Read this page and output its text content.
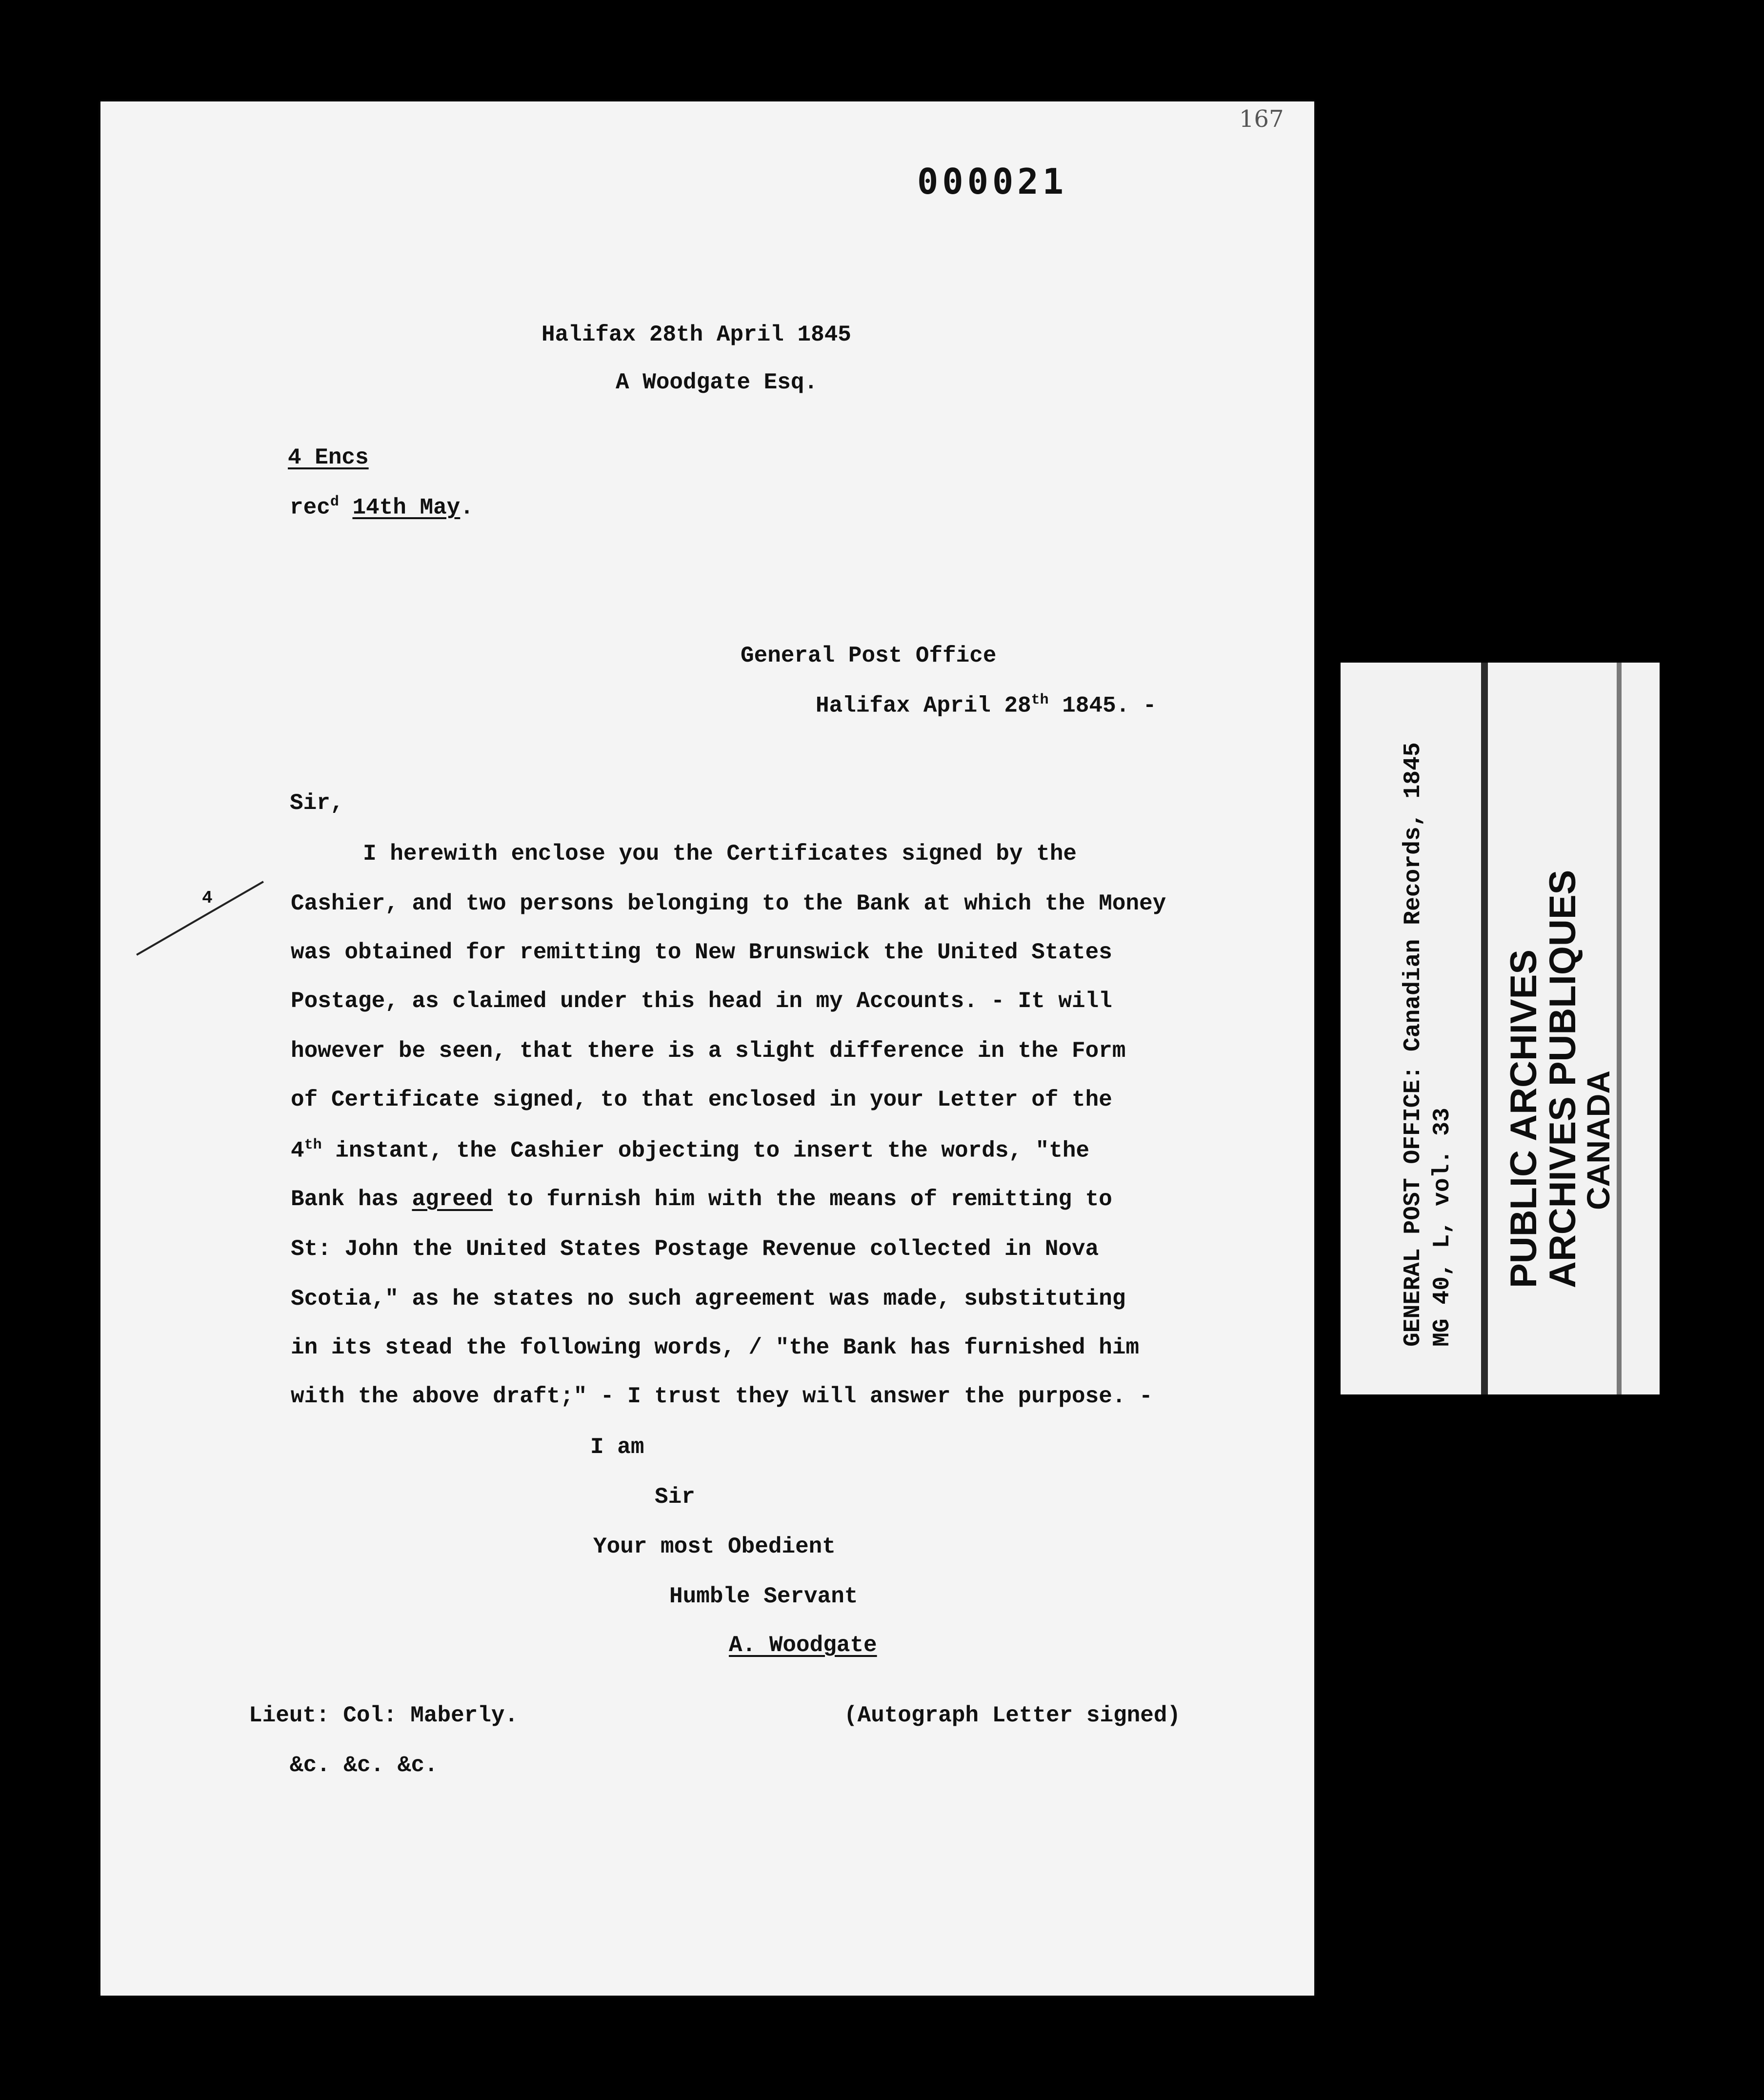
167
000021
Halifax 28th April 1845
A Woodgate Esq.
4 Encs
rec$^d$ 14th May.
General Post Office
Halifax April 28th 1845. -
Sir,
4
I herewith enclose you the Certificates signed by the
Cashier, and two persons belonging to the Bank at which the Money
was obtained for remitting to New Brunswick the United States
Postage, as claimed under this head in my Accounts. - It will
however be seen, that there is a slight difference in the Form
of Certificate signed, to that enclosed in your Letter of the
4th instant, the Cashier objecting to insert the words, "the
Bank has agreed to furnish him with the means of remitting to
St: John the United States Postage Revenue collected in Nova
Scotia," as he states no such agreement was made, substituting
in its stead the following words, / "the Bank has furnished him
with the above draft;" - I trust they will answer the purpose. -
I am
Sir
Your most Obedient
Humble Servant
A. Woodgate
Lieut: Col: Maberly.
&c. &c. &c.
(Autograph Letter signed)
GENERAL POST OFFICE: Canadian Records, 1845 MG 40, L, vol. 33 PUBLIC ARCHIVES
ARCHIVES PUBLIQUES
CANADA
